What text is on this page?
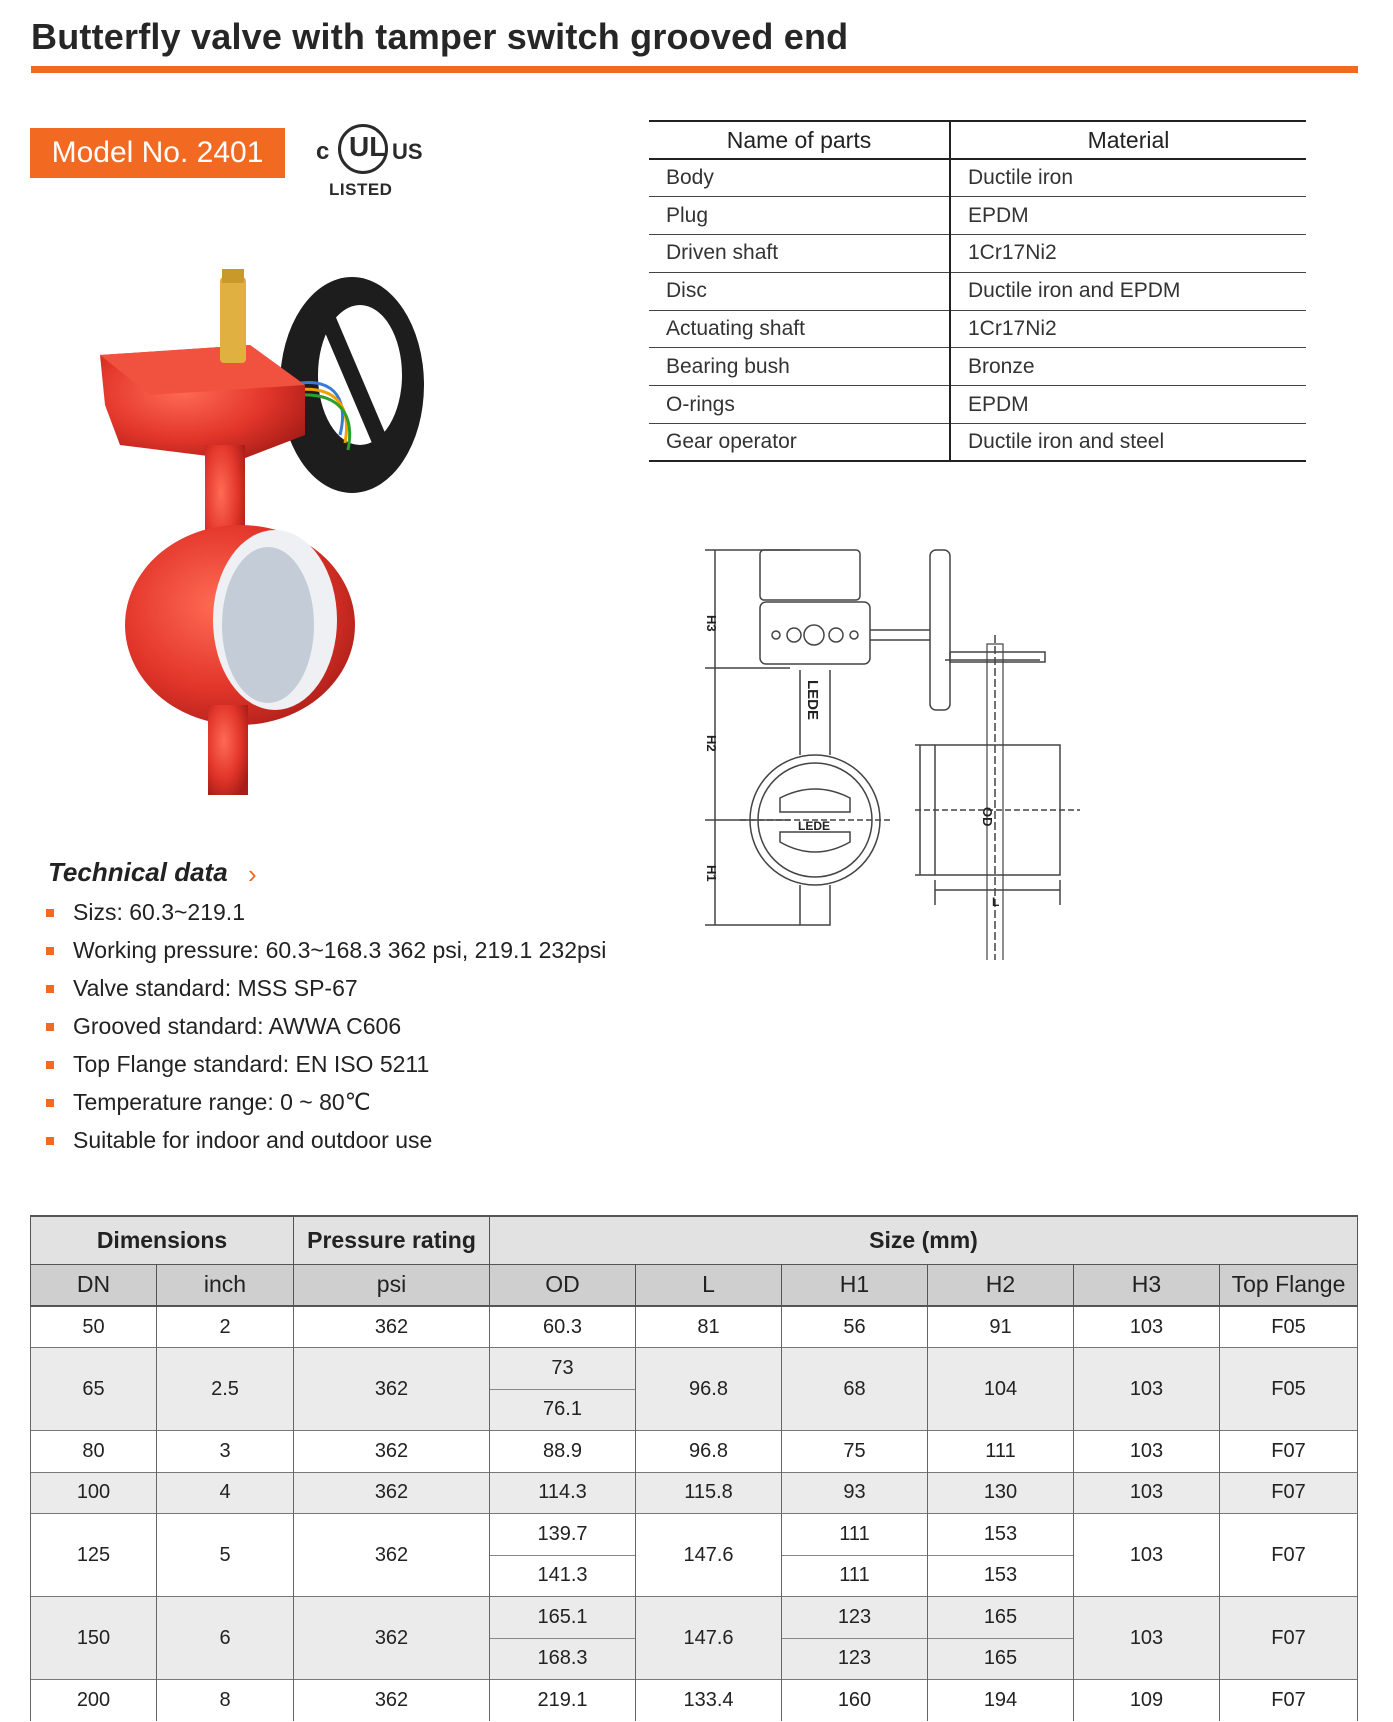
Butterfly valve with tamper switch grooved end
Model No. 2401	c UL US
LISTED
Name of parts	Material
Body	Ductile iron
Plug	EPDM
Driven shaft	1Cr17Ni2
Disc	Ductile iron and EPDM
Actuating shaft	1Cr17Ni2
Bearing bush	Bronze
O-rings	EPDM
Gear operator	Ductile iron and steel
H3
H2
H1
LEDE
LEDE
L
OD
Technical data ›
Sizs: 60.3~219.1
Working pressure: 60.3~168.3 362 psi, 219.1 232psi
Valve standard: MSS SP-67
Grooved standard: AWWA C606
Top Flange standard: EN ISO 5211
Temperature range: 0 ~ 80℃
Suitable for indoor and outdoor use
Dimensions		Pressure rating	Size (mm)					
DN	inch	psi	OD	L	H1	H2	H3	Top Flange
50	2	362	60.3	81	56	91	103	F05
65	2.5	362	73	96.8	68	104	103	F05
			76.1					
80	3	362	88.9	96.8	75	111	103	F07
100	4	362	114.3	115.8	93	130	103	F07
125	5	362	139.7	147.6	111	153	103	F07
			141.3		111	153		
150	6	362	165.1	147.6	123	165	103	F07
			168.3		123	165		
200	8	362	219.1	133.4	160	194	109	F07
